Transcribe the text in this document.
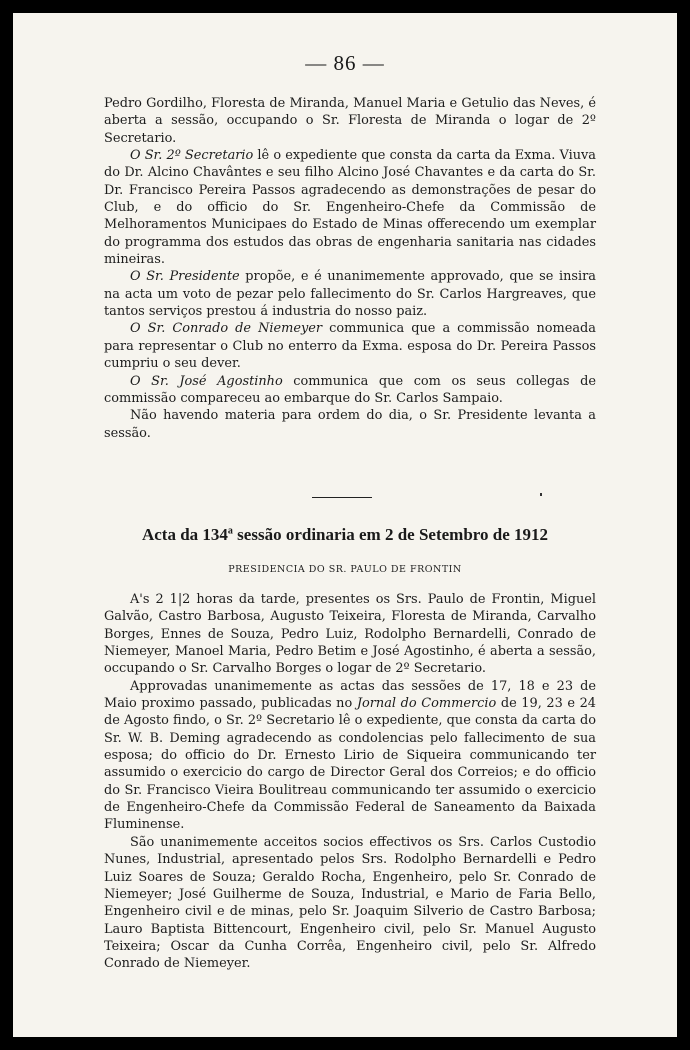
— 86 —

Pedro Gordilho, Floresta de Miranda, Manuel Maria e Getulio das Neves, é aberta a sessão, occupando o Sr. Floresta de Miranda o logar de 2º Secretario.

O Sr. 2º Secretario lê o expediente que consta da carta da Exma. Viuva do Dr. Alcino Chavântes e seu filho Alcino José Chavantes e da carta do Sr. Dr. Francisco Pereira Passos agradecendo as demonstrações de pesar do Club, e do officio do Sr. Engenheiro-Chefe da Commissão de Melhoramentos Municipaes do Estado de Minas offerecendo um exemplar do programma dos estudos das obras de engenharia sanitaria nas cidades mineiras.

O Sr. Presidente propõe, e é unanimemente approvado, que se insira na acta um voto de pezar pelo fallecimento do Sr. Carlos Hargreaves, que tantos serviços prestou á industria do nosso paiz.

O Sr. Conrado de Niemeyer communica que a commissão nomeada para representar o Club no enterro da Exma. esposa do Dr. Pereira Passos cumpriu o seu dever.

O Sr. José Agostinho communica que com os seus collegas de commissão compareceu ao embarque do Sr. Carlos Sampaio.

Não havendo materia para ordem do dia, o Sr. Presidente levanta a sessão.

Acta da 134$^a$ sessão ordinaria em 2 de Setembro de 1912
PRESIDENCIA DO SR. PAULO DE FRONTIN

A's 2 1|2 horas da tarde, presentes os Srs. Paulo de Frontin, Miguel Galvão, Castro Barbosa, Augusto Teixeira, Floresta de Miranda, Carvalho Borges, Ennes de Souza, Pedro Luiz, Rodolpho Bernardelli, Conrado de Niemeyer, Manoel Maria, Pedro Betim e José Agostinho, é aberta a sessão, occupando o Sr. Carvalho Borges o logar de 2º Secretario.

Approvadas unanimemente as actas das sessões de 17, 18 e 23 de Maio proximo passado, publicadas no Jornal do Commercio de 19, 23 e 24 de Agosto findo, o Sr. 2º Secretario lê o expediente, que consta da carta do Sr. W. B. Deming agradecendo as condolencias pelo fallecimento de sua esposa; do officio do Dr. Ernesto Lirio de Siqueira communicando ter assumido o exercicio do cargo de Director Geral dos Correios; e do officio do Sr. Francisco Vieira Boulitreau communicando ter assumido o exercicio de Engenheiro-Chefe da Commissão Federal de Saneamento da Baixada Fluminense.

São unanimemente acceitos socios effectivos os Srs. Carlos Custodio Nunes, Industrial, apresentado pelos Srs. Rodolpho Bernardelli e Pedro Luiz Soares de Souza; Geraldo Rocha, Engenheiro, pelo Sr. Conrado de Niemeyer; José Guilherme de Souza, Industrial, e Mario de Faria Bello, Engenheiro civil e de minas, pelo Sr. Joaquim Silverio de Castro Barbosa; Lauro Baptista Bittencourt, Engenheiro civil, pelo Sr. Manuel Augusto Teixeira; Oscar da Cunha Corrêa, Engenheiro civil, pelo Sr. Alfredo Conrado de Niemeyer.
